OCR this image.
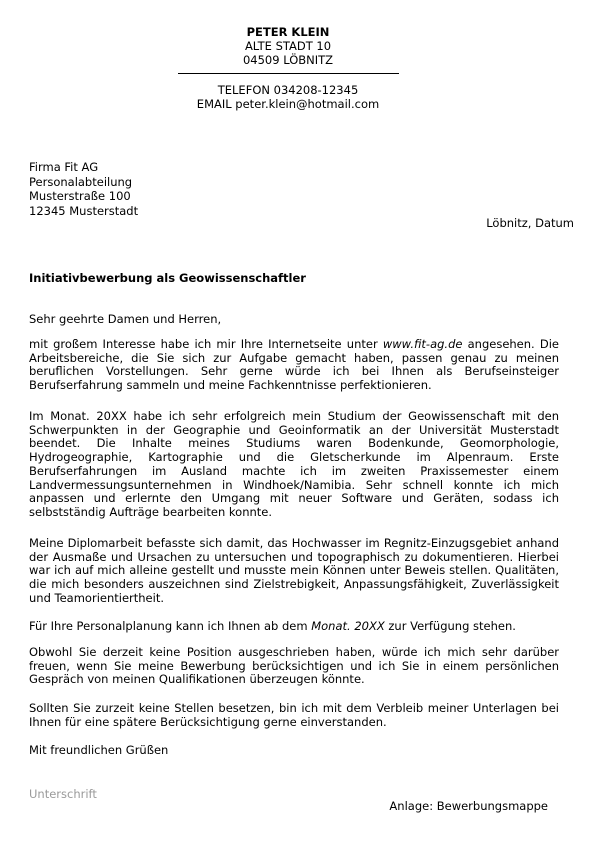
PETER KLEIN
ALTE STADT 10
04509 LÖBNITZ
TELEFON 034208-12345
EMAIL peter.klein@hotmail.com
Firma Fit AG
Personalabteilung
Musterstraße 100
12345 Musterstadt
Löbnitz, Datum
Initiativbewerbung als Geowissenschaftler
Sehr geehrte Damen und Herren,
mit großem Interesse habe ich mir Ihre Internetseite unter www.fit-ag.de angesehen. Die Arbeitsbereiche, die Sie sich zur Aufgabe gemacht haben, passen genau zu meinen beruflichen Vorstellungen. Sehr gerne würde ich bei Ihnen als Berufseinsteiger Berufserfahrung sammeln und meine Fachkenntnisse perfektionieren.
Im Monat. 20XX habe ich sehr erfolgreich mein Studium der Geowissenschaft mit den Schwerpunkten in der Geographie und Geoinformatik an der Universität Musterstadt beendet. Die Inhalte meines Studiums waren Bodenkunde, Geomorphologie, Hydrogeographie, Kartographie und die Gletscherkunde im Alpenraum. Erste Berufserfahrungen im Ausland machte ich im zweiten Praxissemester einem Landvermessungsunternehmen in Windhoek/Namibia. Sehr schnell konnte ich mich anpassen und erlernte den Umgang mit neuer Software und Geräten, sodass ich selbstständig Aufträge bearbeiten konnte.
Meine Diplomarbeit befasste sich damit, das Hochwasser im Regnitz-Einzugsgebiet anhand der Ausmaße und Ursachen zu untersuchen und topographisch zu dokumentieren. Hierbei war ich auf mich alleine gestellt und musste mein Können unter Beweis stellen. Qualitäten, die mich besonders auszeichnen sind Zielstrebigkeit, Anpassungsfähigkeit, Zuverlässigkeit und Teamorientiertheit.
Für Ihre Personalplanung kann ich Ihnen ab dem Monat. 20XX zur Verfügung stehen.
Obwohl Sie derzeit keine Position ausgeschrieben haben, würde ich mich sehr darüber freuen, wenn Sie meine Bewerbung berücksichtigen und ich Sie in einem persönlichen Gespräch von meinen Qualifikationen überzeugen könnte.
Sollten Sie zurzeit keine Stellen besetzen, bin ich mit dem Verbleib meiner Unterlagen bei Ihnen für eine spätere Berücksichtigung gerne einverstanden.
Mit freundlichen Grüßen
Unterschrift
Anlage: Bewerbungsmappe
